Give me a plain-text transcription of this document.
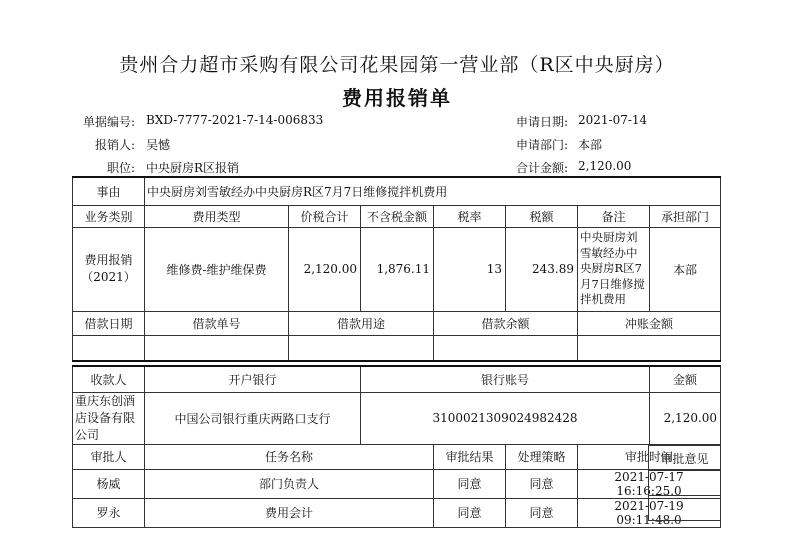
贵州合力超市采购有限公司花果园第一营业部（R区中央厨房）
费用报销单
单据编号: BXD-7777-2021-7-14-006833
报销人: 吴憾
职位: 中央厨房R区报销
申请日期: 2021-07-14
申请部门: 本部
合计金额: 2,120.00
事由	中央厨房刘雪敏经办中央厨房R区7月7日维修搅拌机费用						
业务类别	费用类型	价税合计	不含税金额	税率	税额	备注	承担部门
费用报销（2021）	维修费-维护维保费	2,120.00	1,876.11	13	243.89	中央厨房刘雪敏经办中央厨房R区7月7日维修搅拌机费用	本部
借款日期	借款单号	借款用途		借款余额		冲账金额	

收款人	开户银行		银行账号				金额
重庆东创酒店设备有限公司	中国公司银行重庆两路口支行		3100021309024982428				2,120.00
审批人	任务名称			审批结果	处理策略	审批时间	
杨威	部门负责人			同意	同意	2021-07-17 16:16:25.0	
罗永	费用会计			同意	同意	2021-07-19 09:11:48.0	
审批意见
